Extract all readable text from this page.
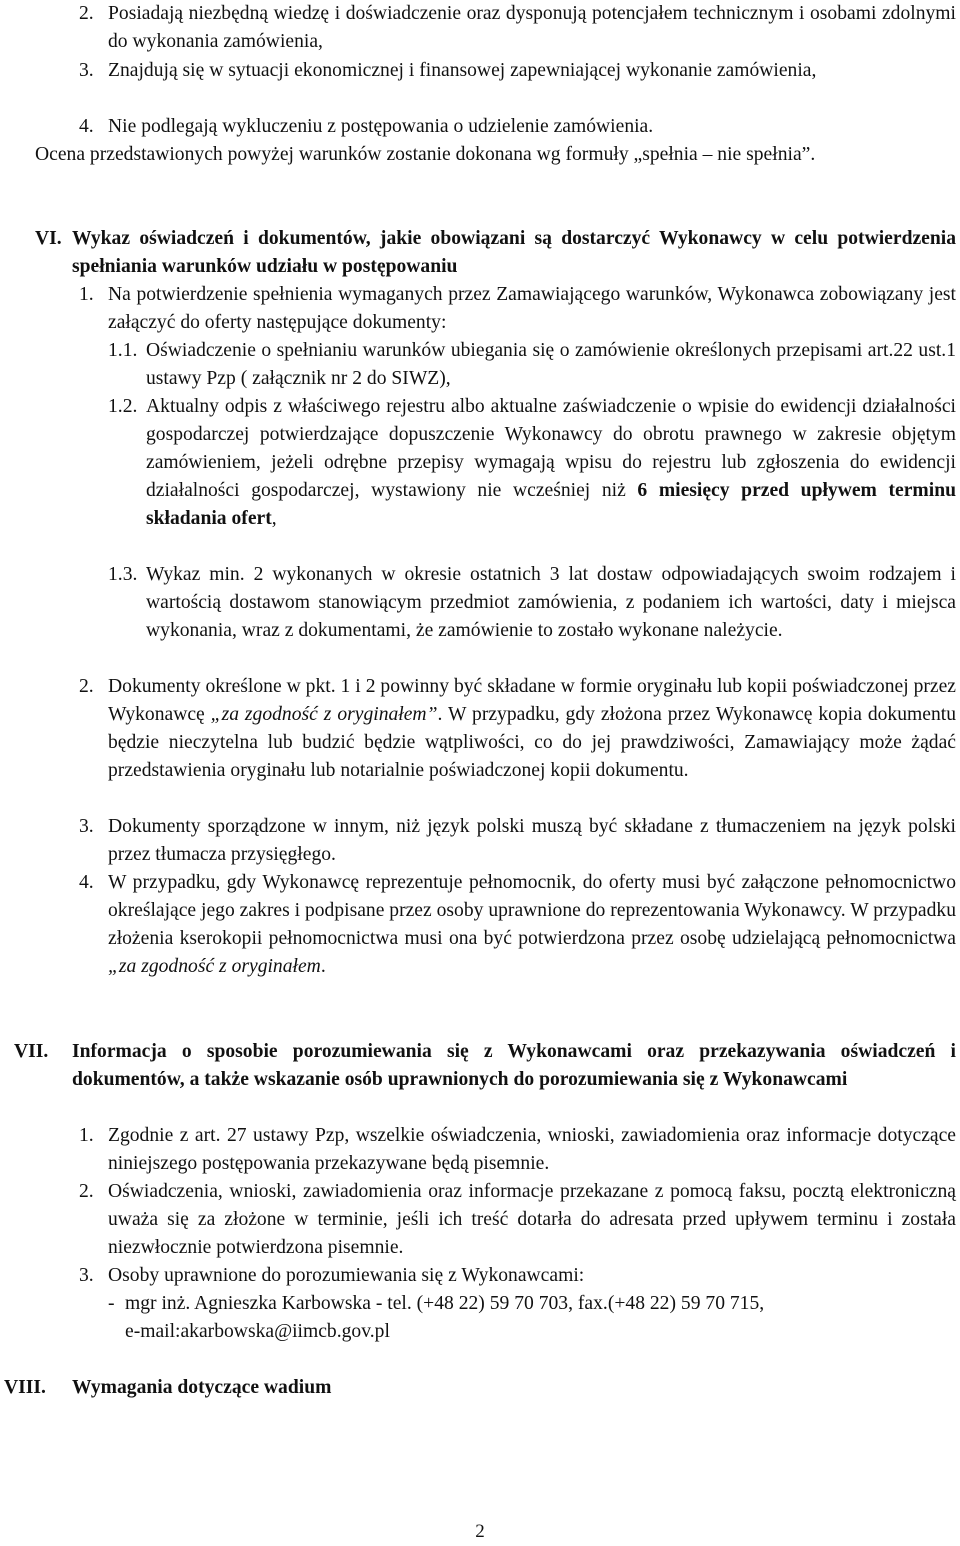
2. Posiadają niezbędną wiedzę i doświadczenie oraz dysponują potencjałem technicznym i osobami zdolnymi do wykonania zamówienia,

3. Znajdują się w sytuacji ekonomicznej i finansowej zapewniającej wykonanie zamówienia,

4. Nie podlegają wykluczeniu z postępowania o udzielenie zamówienia.

Ocena przedstawionych powyżej warunków zostanie dokonana wg formuły „spełnia – nie spełnia”.

VI. Wykaz oświadczeń i dokumentów, jakie obowiązani są dostarczyć Wykonawcy w celu potwierdzenia spełniania warunków udziału w postępowaniu

1. Na potwierdzenie spełnienia wymaganych przez Zamawiającego warunków, Wykonawca zobowiązany jest załączyć do oferty następujące dokumenty:

1.1. Oświadczenie o spełnianiu warunków ubiegania się o zamówienie określonych przepisami art.22 ust.1 ustawy Pzp ( załącznik nr 2 do SIWZ),

1.2. Aktualny odpis z właściwego rejestru albo aktualne zaświadczenie o wpisie do ewidencji działalności gospodarczej potwierdzające dopuszczenie Wykonawcy do obrotu prawnego w zakresie objętym zamówieniem, jeżeli odrębne przepisy wymagają wpisu do rejestru lub zgłoszenia do ewidencji działalności gospodarczej, wystawiony nie wcześniej niż 6 miesięcy przed upływem terminu składania ofert,

1.3. Wykaz min. 2 wykonanych w okresie ostatnich 3 lat dostaw odpowiadających swoim rodzajem i wartością dostawom stanowiącym przedmiot zamówienia, z podaniem ich wartości, daty i miejsca wykonania, wraz z dokumentami, że zamówienie to zostało wykonane należycie.

2. Dokumenty określone w pkt. 1 i 2 powinny być składane w formie oryginału lub kopii poświadczonej przez Wykonawcę „za zgodność z oryginałem”. W przypadku, gdy złożona przez Wykonawcę kopia dokumentu będzie nieczytelna lub budzić będzie wątpliwości, co do jej prawdziwości, Zamawiający może żądać przedstawienia oryginału lub notarialnie poświadczonej kopii dokumentu.

3. Dokumenty sporządzone w innym, niż język polski muszą być składane z tłumaczeniem na język polski przez tłumacza przysięgłego.

4. W przypadku, gdy Wykonawcę reprezentuje pełnomocnik, do oferty musi być załączone pełnomocnictwo określające jego zakres i podpisane przez osoby uprawnione do reprezentowania Wykonawcy. W przypadku złożenia kserokopii pełnomocnictwa musi ona być potwierdzona przez osobę udzielającą pełnomocnictwa „za zgodność z oryginałem.

VII. Informacja o sposobie porozumiewania się z Wykonawcami oraz przekazywania oświadczeń i dokumentów, a także wskazanie osób uprawnionych do porozumiewania się z Wykonawcami

1. Zgodnie z art. 27 ustawy Pzp, wszelkie oświadczenia, wnioski, zawiadomienia oraz informacje dotyczące niniejszego postępowania przekazywane będą pisemnie.

2. Oświadczenia, wnioski, zawiadomienia oraz informacje przekazane z pomocą faksu, pocztą elektroniczną uważa się za złożone w terminie, jeśli ich treść dotarła do adresata przed upływem terminu i została niezwłocznie potwierdzona pisemnie.

3. Osoby uprawnione do porozumiewania się z Wykonawcami:

- mgr inż. Agnieszka Karbowska - tel. (+48 22) 59 70 703, fax.(+48 22) 59 70 715,

e-mail:akarbowska@iimcb.gov.pl

VIII. Wymagania dotyczące wadium

2
